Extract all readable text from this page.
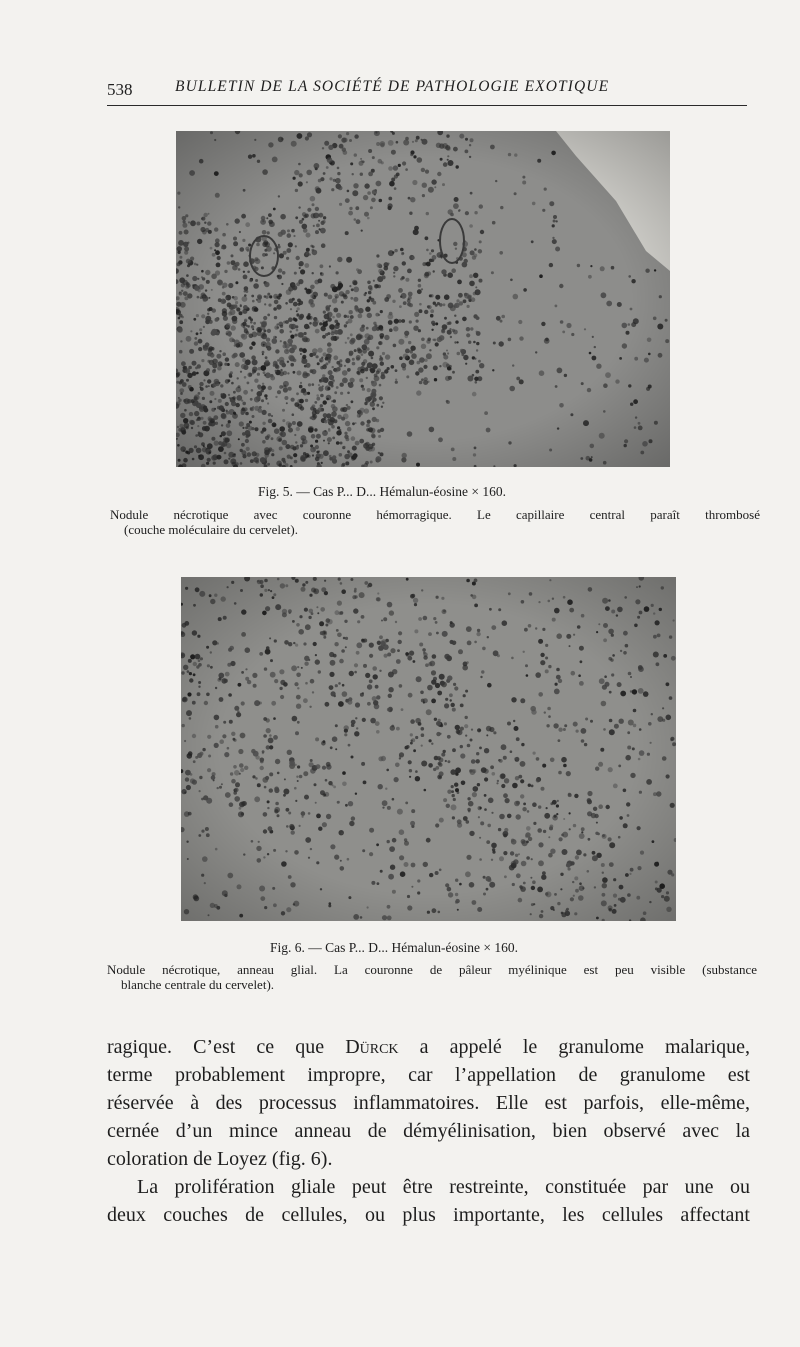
538	BULLETIN DE LA SOCIÉTÉ DE PATHOLOGIE EXOTIQUE
Fig. 5. — Cas P... D... Hémalun-éosine × 160.
Nodule nécrotique avec couronne hémorragique. Le capillaire central paraît thrombosé
(couche moléculaire du cervelet).
Fig. 6. — Cas P... D... Hémalun-éosine × 160.
Nodule nécrotique, anneau glial. La couronne de pâleur myélinique est peu visible (substance
blanche centrale du cervelet).
ragique. C’est ce que Dürck a appelé le granulome malarique,
terme probablement impropre, car l’appellation de granulome est
réservée à des processus inflammatoires. Elle est parfois, elle-même,
cernée d’un mince anneau de démyélinisation, bien observé avec la
coloration de Loyez (fig. 6).
La prolifération gliale peut être restreinte, constituée par une ou
deux couches de cellules, ou plus importante, les cellules affectant
